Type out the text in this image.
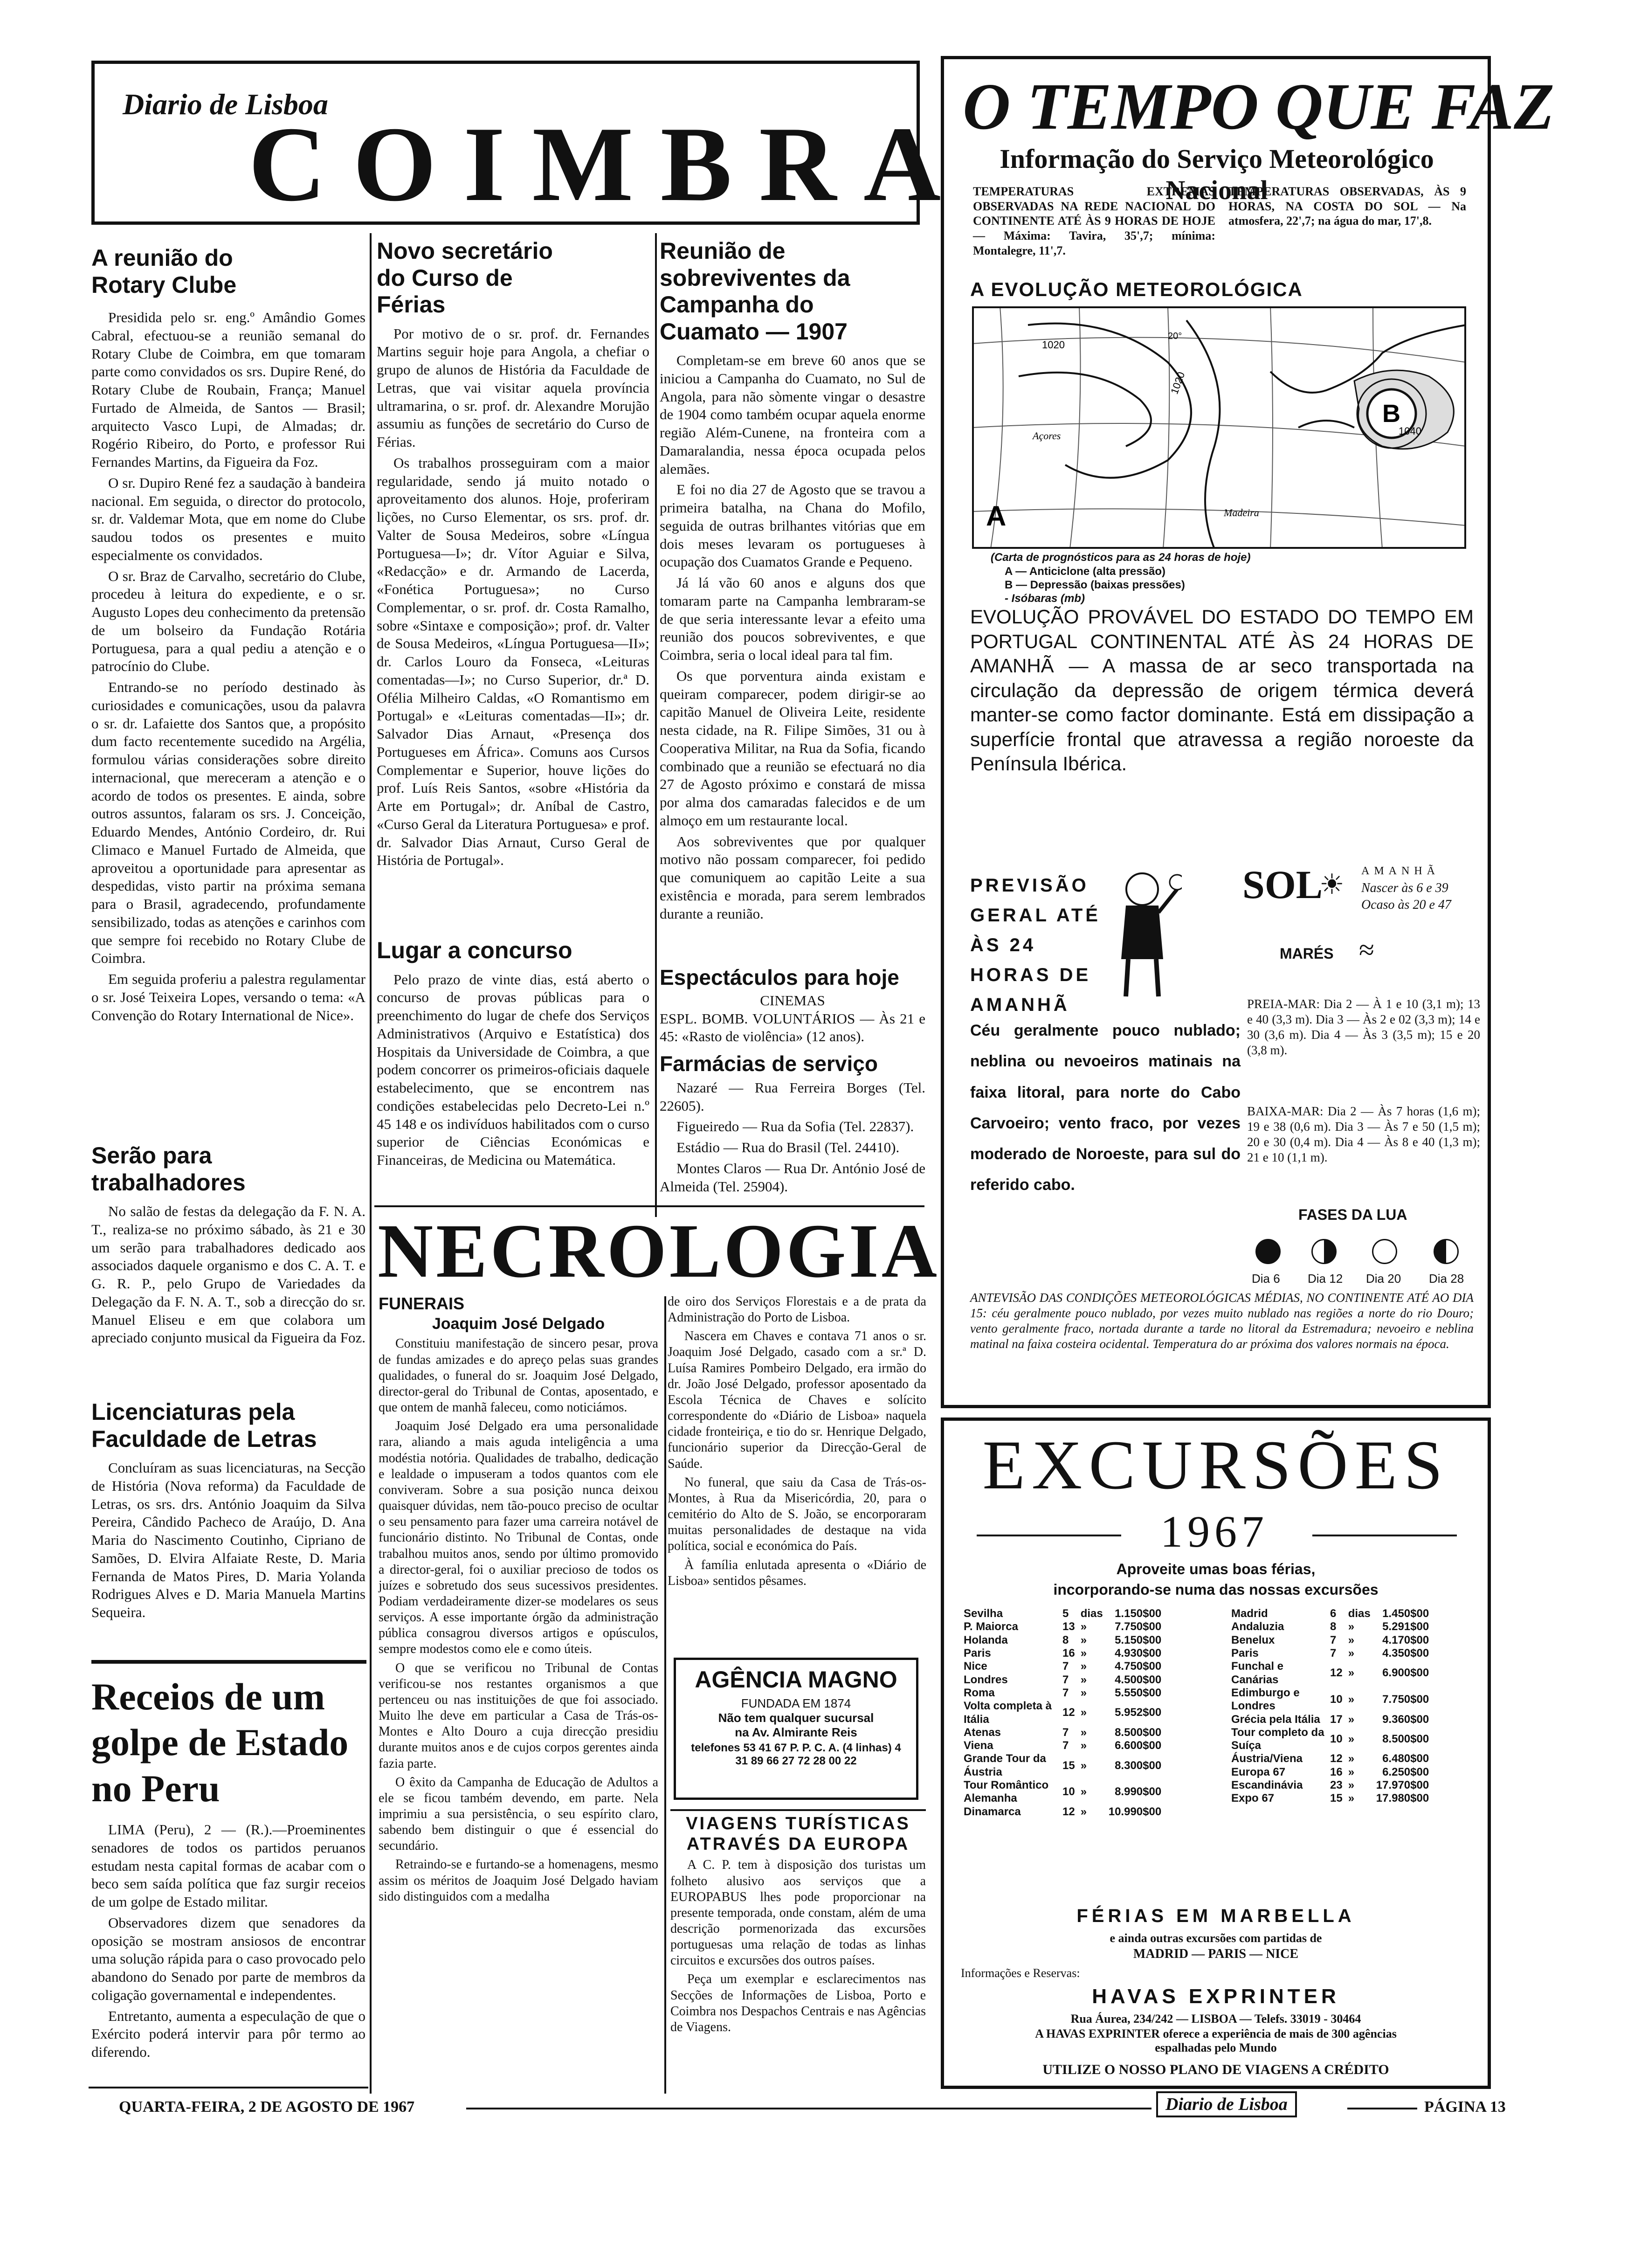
Diario de Lisboa
COIMBRA
A reunião do Rotary Clube

Presidida pelo sr. eng.º Amândio Gomes Cabral, efectuou-se a reunião semanal do Rotary Clube de Coimbra, em que tomaram parte como convidados os srs. Dupire René, do Rotary Clube de Roubain, França; Manuel Furtado de Almeida, de Santos — Brasil; arquitecto Vasco Lupi, de Almadas; dr. Rogério Ribeiro, do Porto, e professor Rui Fernandes Martins, da Figueira da Foz.

O sr. Dupiro René fez a saudação à bandeira nacional. Em seguida, o director do protocolo, sr. dr. Valdemar Mota, que em nome do Clube saudou todos os presentes e muito especialmente os convidados.

O sr. Braz de Carvalho, secretário do Clube, procedeu à leitura do expediente, e o sr. Augusto Lopes deu conhecimento da pretensão de um bolseiro da Fundação Rotária Portuguesa, para a qual pediu a atenção e o patrocínio do Clube.

Entrando-se no período destinado às curiosidades e comunicações, usou da palavra o sr. dr. Lafaiette dos Santos que, a propósito dum facto recentemente sucedido na Argélia, formulou várias considerações sobre direito internacional, que mereceram a atenção e o acordo de todos os presentes. E ainda, sobre outros assuntos, falaram os srs. J. Conceição, Eduardo Mendes, António Cordeiro, dr. Rui Climaco e Manuel Furtado de Almeida, que aproveitou a oportunidade para apresentar as despedidas, visto partir na próxima semana para o Brasil, agradecendo, profundamente sensibilizado, todas as atenções e carinhos com que sempre foi recebido no Rotary Clube de Coimbra.

Em seguida proferiu a palestra regulamentar o sr. José Teixeira Lopes, versando o tema: «A Convenção do Rotary International de Nice».

Serão para trabalhadores

No salão de festas da delegação da F. N. A. T., realiza-se no próximo sábado, às 21 e 30 um serão para trabalhadores dedicado aos associados daquele organismo e dos C. A. T. e G. R. P., pelo Grupo de Variedades da Delegação da F. N. A. T., sob a direcção do sr. Manuel Eliseu e em que colabora um apreciado conjunto musical da Figueira da Foz.

Licenciaturas pela Faculdade de Letras

Concluíram as suas licenciaturas, na Secção de História (Nova reforma) da Faculdade de Letras, os srs. drs. António Joaquim da Silva Pereira, Cândido Pacheco de Araújo, D. Ana Maria do Nascimento Coutinho, Cipriano de Samões, D. Elvira Alfaiate Reste, D. Maria Fernanda de Matos Pires, D. Maria Yolanda Rodrigues Alves e D. Maria Manuela Martins Sequeira.

Receios de um golpe de Estado no Peru

LIMA (Peru), 2 — (R.).—Proeminentes senadores de todos os partidos peruanos estudam nesta capital formas de acabar com o beco sem saída política que faz surgir receios de um golpe de Estado militar.

Observadores dizem que senadores da oposição se mostram ansiosos de encontrar uma solução rápida para o caso provocado pelo abandono do Senado por parte de membros da coligação governamental e independentes.

Entretanto, aumenta a especulação de que o Exército poderá intervir para pôr termo ao diferendo.

Novo secretário do Curso de Férias

Por motivo de o sr. prof. dr. Fernandes Martins seguir hoje para Angola, a chefiar o grupo de alunos de História da Faculdade de Letras, que vai visitar aquela província ultramarina, o sr. prof. dr. Alexandre Morujão assumiu as funções de secretário do Curso de Férias.

Os trabalhos prosseguiram com a maior regularidade, sendo já muito notado o aproveitamento dos alunos. Hoje, proferiram lições, no Curso Elementar, os srs. prof. dr. Valter de Sousa Medeiros, sobre «Língua Portuguesa—I»; dr. Vítor Aguiar e Silva, «Redacção» e dr. Armando de Lacerda, «Fonética Portuguesa»; no Curso Complementar, o sr. prof. dr. Costa Ramalho, sobre «Sintaxe e composição»; prof. dr. Valter de Sousa Medeiros, «Língua Portuguesa—II»; dr. Carlos Louro da Fonseca, «Leituras comentadas—I»; no Curso Superior, dr.ª D. Ofélia Milheiro Caldas, «O Romantismo em Portugal» e «Leituras comentadas—II»; dr. Salvador Dias Arnaut, «Presença dos Portugueses em África». Comuns aos Cursos Complementar e Superior, houve lições do prof. Luís Reis Santos, «sobre «História da Arte em Portugal»; dr. Aníbal de Castro, «Curso Geral da Literatura Portuguesa» e prof. dr. Salvador Dias Arnaut, Curso Geral de História de Portugal».

Lugar a concurso

Pelo prazo de vinte dias, está aberto o concurso de provas públicas para o preenchimento do lugar de chefe dos Serviços Administrativos (Arquivo e Estatística) dos Hospitais da Universidade de Coimbra, a que podem concorrer os primeiros-oficiais daquele estabelecimento, que se encontrem nas condições estabelecidas pelo Decreto-Lei n.º 45 148 e os indivíduos habilitados com o curso superior de Ciências Económicas e Financeiras, de Medicina ou Matemática.

Reunião de sobreviventes da Campanha do Cuamato — 1907

Completam-se em breve 60 anos que se iniciou a Campanha do Cuamato, no Sul de Angola, para não sòmente vingar o desastre de 1904 como também ocupar aquela enorme região Além-Cunene, na fronteira com a Damaralandia, nessa época ocupada pelos alemães.

E foi no dia 27 de Agosto que se travou a primeira batalha, na Chana do Mofilo, seguida de outras brilhantes vitórias que em dois meses levaram os portugueses à ocupação dos Cuamatos Grande e Pequeno.

Já lá vão 60 anos e alguns dos que tomaram parte na Campanha lembraram-se de que seria interessante levar a efeito uma reunião dos poucos sobreviventes, e que Coimbra, seria o local ideal para tal fim.

Os que porventura ainda existam e queiram comparecer, podem dirigir-se ao capitão Manuel de Oliveira Leite, residente nesta cidade, na R. Filipe Simões, 31 ou à Cooperativa Militar, na Rua da Sofia, ficando combinado que a reunião se efectuará no dia 27 de Agosto próximo e constará de missa por alma dos camaradas falecidos e de um almoço em um restaurante local.

Aos sobreviventes que por qualquer motivo não possam comparecer, foi pedido que comuniquem ao capitão Leite a sua existência e morada, para serem lembrados durante a reunião.

Espectáculos para hoje
CINEMAS
ESPL. BOMB. VOLUNTÁRIOS — Às 21 e 45: «Rasto de violência» (12 anos).
Farmácias de serviço

Nazaré — Rua Ferreira Borges (Tel. 22605).

Figueiredo — Rua da Sofia (Tel. 22837).

Estádio — Rua do Brasil (Tel. 24410).

Montes Claros — Rua Dr. António José de Almeida (Tel. 25904).

NECROLOGIA
FUNERAIS
Joaquim José Delgado

Constituiu manifestação de sincero pesar, prova de fundas amizades e do apreço pelas suas grandes qualidades, o funeral do sr. Joaquim José Delgado, director-geral do Tribunal de Contas, aposentado, e que ontem de manhã faleceu, como noticiámos.

Joaquim José Delgado era uma personalidade rara, aliando a mais aguda inteligência a uma modéstia notória. Qualidades de trabalho, dedicação e lealdade o impuseram a todos quantos com ele conviveram. Sobre a sua posição nunca deixou quaisquer dúvidas, nem tão-pouco preciso de ocultar o seu pensamento para fazer uma carreira notável de funcionário distinto. No Tribunal de Contas, onde trabalhou muitos anos, sendo por último promovido a director-geral, foi o auxiliar precioso de todos os juízes e sobretudo dos seus sucessivos presidentes. Podiam verdadeiramente dizer-se modelares os seus serviços. A esse importante órgão da administração pública consagrou diversos artigos e opúsculos, sempre modestos como ele e como úteis.

O que se verificou no Tribunal de Contas verificou-se nos restantes organismos a que pertenceu ou nas instituições de que foi associado. Muito lhe deve em particular a Casa de Trás-os-Montes e Alto Douro a cuja direcção presidiu durante muitos anos e de cujos corpos gerentes ainda fazia parte.

O êxito da Campanha de Educação de Adultos a ele se ficou também devendo, em parte. Nela imprimiu a sua persistência, o seu espírito claro, sabendo bem distinguir o que é essencial do secundário.

Retraindo-se e furtando-se a homenagens, mesmo assim os méritos de Joaquim José Delgado haviam sido distinguidos com a medalha

de oiro dos Serviços Florestais e a de prata da Administração do Porto de Lisboa.

Nascera em Chaves e contava 71 anos o sr. Joaquim José Delgado, casado com a sr.ª D. Luísa Ramires Pombeiro Delgado, era irmão do dr. João José Delgado, professor aposentado da Escola Técnica de Chaves e solícito correspondente do «Diário de Lisboa» naquela cidade fronteiriça, e tio do sr. Henrique Delgado, funcionário superior da Direcção-Geral de Saúde.

No funeral, que saiu da Casa de Trás-os-Montes, à Rua da Misericórdia, 20, para o cemitério do Alto de S. João, se encorporaram muitas personalidades de destaque na vida política, social e económica do País.

À família enlutada apresenta o «Diário de Lisboa» sentidos pêsames.

AGÊNCIA MAGNO
FUNDADA EM 1874
Não tem qualquer sucursal
na Av. Almirante Reis
telefones 53 41 67 P. P. C. A. (4 linhas) 4 31 89 66 27 72 28 00 22
VIAGENS TURÍSTICAS ATRAVÉS DA EUROPA

A C. P. tem à disposição dos turistas um folheto alusivo aos serviços que a EUROPABUS lhes pode proporcionar na presente temporada, onde constam, além de uma descrição pormenorizada das excursões portuguesas uma relação de todas as linhas circuitos e excursões dos outros países.

Peça um exemplar e esclarecimentos nas Secções de Informações de Lisboa, Porto e Coimbra nos Despachos Centrais e nas Agências de Viagens.

O TEMPO QUE FAZ
Informação do Serviço Meteorológico Nacional
TEMPERATURAS EXTREMAS OBSERVADAS NA REDE NACIONAL DO CONTINENTE ATÉ ÀS 9 HORAS DE HOJE — Máxima: Tavira, 35',7; mínima: Montalegre, 11',7.
TEMPERATURAS OBSERVADAS, ÀS 9 HORAS, NA COSTA DO SOL — Na atmosfera, 22',7; na água do mar, 17',8.
A EVOLUÇÃO METEOROLÓGICA
B
1040
Açores
Madeira
A
1020
1020
20°
(Carta de prognósticos para as 24 horas de hoje)
A — Anticiclone (alta pressão)
B — Depressão (baixas pressões)
- Isóbaras (mb)
EVOLUÇÃO PROVÁVEL DO ESTADO DO TEMPO EM PORTUGAL CONTINENTAL ATÉ ÀS 24 HORAS DE AMANHÃ — A massa de ar seco transportada na circulação da depressão de origem térmica deverá manter-se como factor dominante. Está em dissipação a superfície frontal que atravessa a região noroeste da Península Ibérica.
PREVISÃO GERAL ATÉ ÀS 24 HORAS DE AMANHÃ
Céu geralmente pouco nublado; neblina ou nevoeiros matinais na faixa litoral, para norte do Cabo Carvoeiro; vento fraco, por vezes moderado de Noroeste, para sul do referido cabo.
SOL
☀ AMANHÃ
Nascer às 6 e 39
Ocaso às 20 e 47
MARÉS ≈
PREIA-MAR: Dia 2 — À 1 e 10 (3,1 m); 13 e 40 (3,3 m). Dia 3 — Às 2 e 02 (3,3 m); 14 e 30 (3,6 m). Dia 4 — Às 3 (3,5 m); 15 e 20 (3,8 m).
BAIXA-MAR: Dia 2 — Às 7 horas (1,6 m); 19 e 38 (0,6 m). Dia 3 — Às 7 e 50 (1,5 m); 20 e 30 (0,4 m). Dia 4 — Às 8 e 40 (1,3 m); 21 e 10 (1,1 m).
FASES DA LUA
Dia 6 Dia 12 Dia 20 Dia 28
ANTEVISÃO DAS CONDIÇÕES METEOROLÓGICAS MÉDIAS, NO CONTINENTE ATÉ AO DIA 15: céu geralmente pouco nublado, por vezes muito nublado nas regiões a norte do rio Douro; vento geralmente fraco, nortada durante a tarde no litoral da Estremadura; nevoeiro e neblina matinal na faixa costeira ocidental. Temperatura do ar próxima dos valores normais na época.
EXCURSÕES
1967
Aproveite umas boas férias,
incorporando-se numa das nossas excursões
Sevilha	5	dias	1.150$00
P. Maiorca	13	»	7.750$00
Holanda	8	»	5.150$00
Paris	16	»	4.930$00
Nice	7	»	4.750$00
Londres	7	»	4.500$00
Roma	7	»	5.550$00
Volta completa à Itália	12	»	5.952$00
Atenas	7	»	8.500$00
Viena	7	»	6.600$00
Grande Tour da Áustria	15	»	8.300$00
Tour Romântico Alemanha	10	»	8.990$00
Dinamarca	12	»	10.990$00
Madrid	6	dias	1.450$00
Andaluzia	8	»	5.291$00
Benelux	7	»	4.170$00
Paris	7	»	4.350$00
Funchal e Canárias	12	»	6.900$00
Edimburgo e Londres	10	»	7.750$00
Grécia pela Itália	17	»	9.360$00
Tour completo da Suíça	10	»	8.500$00
Áustria/Viena	12	»	6.480$00
Europa 67	16	»	6.250$00
Escandinávia	23	»	17.970$00
Expo 67	15	»	17.980$00
FÉRIAS EM MARBELLA
e ainda outras excursões com partidas de
MADRID — PARIS — NICE
Informações e Reservas:
HAVAS EXPRINTER
Rua Áurea, 234/242 — LISBOA — Telefs. 33019 - 30464
A HAVAS EXPRINTER oferece a experiência de mais de 300 agências espalhadas pelo Mundo
UTILIZE O NOSSO PLANO DE VIAGENS A CRÉDITO
QUARTA-FEIRA, 2 DE AGOSTO DE 1967	Diario de Lisboa	PÁGINA 13
